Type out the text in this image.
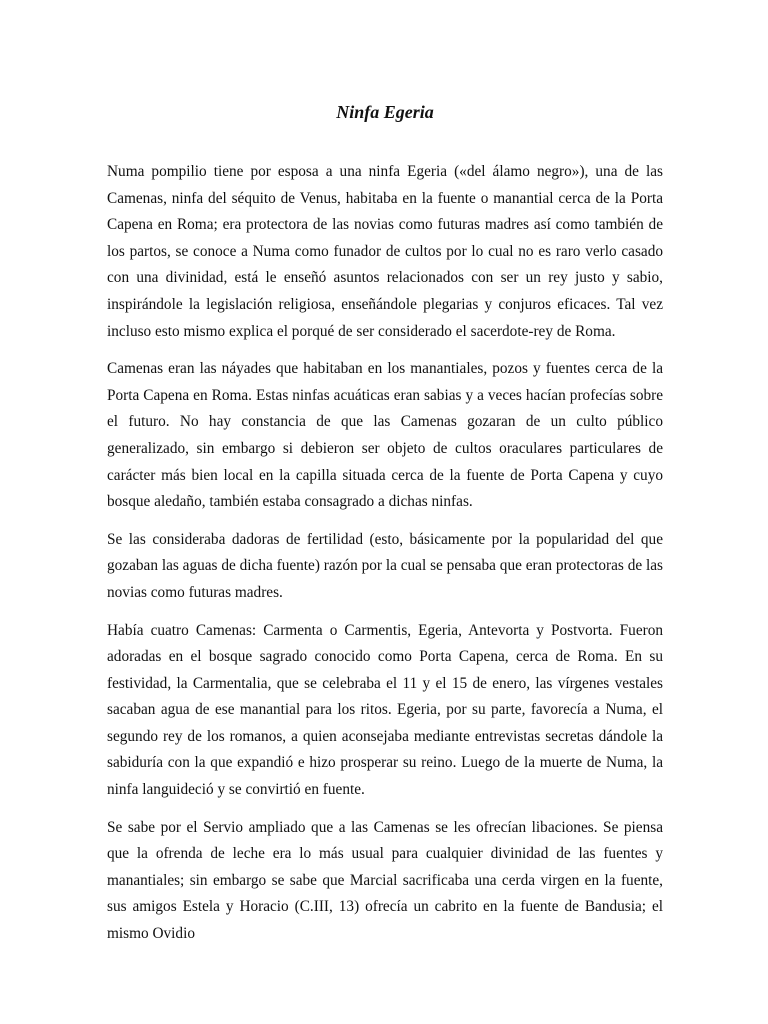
Ninfa Egeria

Numa pompilio tiene por esposa a una ninfa Egeria («del álamo negro»), una de las Camenas, ninfa del séquito de Venus, habitaba en la fuente o manantial cerca de la Porta Capena en Roma; era protectora de las novias como futuras madres así como también de los partos, se conoce a Numa como funador de cultos por lo cual no es raro verlo casado con una divinidad, está le enseñó asuntos relacionados con ser un rey justo y sabio, inspirándole la legislación religiosa, enseñándole plegarias y conjuros eficaces. Tal vez incluso esto mismo explica el porqué de ser considerado el sacerdote-rey de Roma.

Camenas eran las náyades que habitaban en los manantiales, pozos y fuentes cerca de la Porta Capena en Roma. Estas ninfas acuáticas eran sabias y a veces hacían profecías sobre el futuro. No hay constancia de que las Camenas gozaran de un culto público generalizado, sin embargo si debieron ser objeto de cultos oraculares particulares de carácter más bien local en la capilla situada cerca de la fuente de Porta Capena y cuyo bosque aledaño, también estaba consagrado a dichas ninfas.

Se las consideraba dadoras de fertilidad (esto, básicamente por la popularidad del que gozaban las aguas de dicha fuente) razón por la cual se pensaba que eran protectoras de las novias como futuras madres.

Había cuatro Camenas: Carmenta o Carmentis, Egeria, Antevorta y Postvorta. Fueron adoradas en el bosque sagrado conocido como Porta Capena, cerca de Roma. En su festividad, la Carmentalia, que se celebraba el 11 y el 15 de enero, las vírgenes vestales sacaban agua de ese manantial para los ritos. Egeria, por su parte, favorecía a Numa, el segundo rey de los romanos, a quien aconsejaba mediante entrevistas secretas dándole la sabiduría con la que expandió e hizo prosperar su reino. Luego de la muerte de Numa, la ninfa languideció y se convirtió en fuente.

Se sabe por el Servio ampliado que a las Camenas se les ofrecían libaciones. Se piensa que la ofrenda de leche era lo más usual para cualquier divinidad de las fuentes y manantiales; sin embargo se sabe que Marcial sacrificaba una cerda virgen en la fuente, sus amigos Estela y Horacio (C.III, 13) ofrecía un cabrito en la fuente de Bandusia; el mismo Ovidio
